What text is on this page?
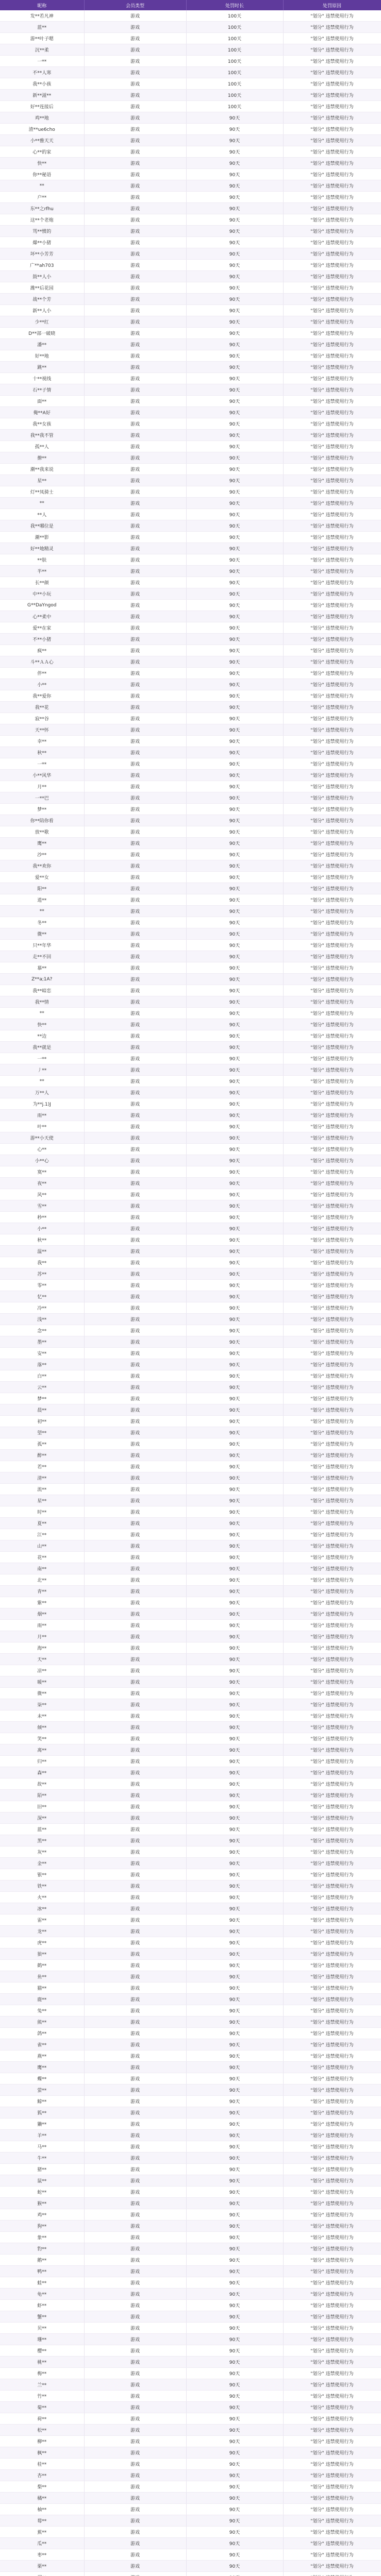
昵称	会员类型	处罚时长	处罚原因
发**若凡神	游戏	100天	"划分" 违禁使用行为
蓝**	游戏	100天	"划分" 违禁使用行为
游**叶子嗯	游戏	100天	"划分" 违禁使用行为
沉**柔	游戏	100天	"划分" 违禁使用行为
一**	游戏	100天	"划分" 违禁使用行为
不**人寒	游戏	100天	"划分" 违禁使用行为
我**小孩	游戏	100天	"划分" 违禁使用行为
新**滋**	游戏	100天	"划分" 违禁使用行为
好**连接后	游戏	100天	"划分" 违禁使用行为
鸡**地	游戏	90天	"划分" 违禁使用行为
渣**ue6cho	游戏	90天	"划分" 违禁使用行为
小**雅天天	游戏	90天	"划分" 违禁使用行为
心**的家	游戏	90天	"划分" 违禁使用行为
快**	游戏	90天	"划分" 违禁使用行为
你**秘语	游戏	90天	"划分" 违禁使用行为
**	游戏	90天	"划分" 违禁使用行为
户**	游戏	90天	"划分" 违禁使用行为
东**之rfhu	游戏	90天	"划分" 违禁使用行为
这**个老炮	游戏	90天	"划分" 违禁使用行为
骂**惯的	游戏	90天	"划分" 违禁使用行为
爆**小猪	游戏	90天	"划分" 违禁使用行为
坏**小芳芳	游戏	90天	"划分" 违禁使用行为
广**ah703	游戏	90天	"划分" 违禁使用行为
鼓**人小	游戏	90天	"划分" 违禁使用行为
潍**后花园	游戏	90天	"划分" 违禁使用行为
战**个芳	游戏	90天	"划分" 违禁使用行为
新**人小	游戏	90天	"划分" 违禁使用行为
少**红	游戏	90天	"划分" 违禁使用行为
D**部一破晓	游戏	90天	"划分" 违禁使用行为
潘**	游戏	90天	"划分" 违禁使用行为
好**地	游戏	90天	"划分" 违禁使用行为
跳**	游戏	90天	"划分" 违禁使用行为
十**视线	游戏	90天	"划分" 违禁使用行为
石**子情	游戏	90天	"划分" 违禁使用行为
面**	游戏	90天	"划分" 违禁使用行为
俺**A好	游戏	90天	"划分" 违禁使用行为
我**女孩	游戏	90天	"划分" 违禁使用行为
我**我不管	游戏	90天	"划分" 违禁使用行为
孤**人	游戏	90天	"划分" 违禁使用行为
撩**	游戏	90天	"划分" 违禁使用行为
潮**我来说	游戏	90天	"划分" 违禁使用行为
星**	游戏	90天	"划分" 违禁使用行为
灯**凤骑士	游戏	90天	"划分" 违禁使用行为
**	游戏	90天	"划分" 违禁使用行为
**人	游戏	90天	"划分" 违禁使用行为
我**哪位是	游戏	90天	"划分" 违禁使用行为
潮**影	游戏	90天	"划分" 违禁使用行为
好**地精灵	游戏	90天	"划分" 违禁使用行为
**肤	游戏	90天	"划分" 违禁使用行为
半**	游戏	90天	"划分" 违禁使用行为
长**颜	游戏	90天	"划分" 违禁使用行为
中**小玩	游戏	90天	"划分" 违禁使用行为
G**DaYngod	游戏	90天	"划分" 违禁使用行为
心**柔中	游戏	90天	"划分" 违禁使用行为
爱**在家	游戏	90天	"划分" 违禁使用行为
不**小猪	游戏	90天	"划分" 违禁使用行为
疯**	游戏	90天	"划分" 违禁使用行为
斗**ＡＡ心	游戏	90天	"划分" 违禁使用行为
伴**	游戏	90天	"划分" 违禁使用行为
小**	游戏	90天	"划分" 违禁使用行为
我**爱你	游戏	90天	"划分" 违禁使用行为
我**花	游戏	90天	"划分" 违禁使用行为
寂**谷	游戏	90天	"划分" 违禁使用行为
天**怀	游戏	90天	"划分" 违禁使用行为
幸**	游戏	90天	"划分" 违禁使用行为
秋**	游戏	90天	"划分" 违禁使用行为
一**	游戏	90天	"划分" 违禁使用行为
小**风华	游戏	90天	"划分" 违禁使用行为
月**	游戏	90天	"划分" 违禁使用行为
一**巴	游戏	90天	"划分" 违禁使用行为
梦**	游戏	90天	"划分" 违禁使用行为
你**陪你看	游戏	90天	"划分" 违禁使用行为
放**歌	游戏	90天	"划分" 违禁使用行为
鹰**	游戏	90天	"划分" 违禁使用行为
沙**	游戏	90天	"划分" 违禁使用行为
我**欢你	游戏	90天	"划分" 违禁使用行为
爱**女	游戏	90天	"划分" 违禁使用行为
阳**	游戏	90天	"划分" 违禁使用行为
逍**	游戏	90天	"划分" 违禁使用行为
**	游戏	90天	"划分" 违禁使用行为
冬**	游戏	90天	"划分" 违禁使用行为
微**	游戏	90天	"划分" 违禁使用行为
只**年华	游戏	90天	"划分" 违禁使用行为
走**不回	游戏	90天	"划分" 违禁使用行为
慕**	游戏	90天	"划分" 违禁使用行为
Z**a;1A?	游戏	90天	"划分" 违禁使用行为
我**暗恋	游戏	90天	"划分" 违禁使用行为
我**情	游戏	90天	"划分" 违禁使用行为
**	游戏	90天	"划分" 违禁使用行为
快**	游戏	90天	"划分" 违禁使用行为
**边	游戏	90天	"划分" 违禁使用行为
我**就是	游戏	90天	"划分" 违禁使用行为
一**	游戏	90天	"划分" 违禁使用行为
丿**	游戏	90天	"划分" 违禁使用行为
**	游戏	90天	"划分" 违禁使用行为
万**人	游戏	90天	"划分" 违禁使用行为
为**j.1)J	游戏	90天	"划分" 违禁使用行为
雨**	游戏	90天	"划分" 违禁使用行为
叶**	游戏	90天	"划分" 违禁使用行为
游**小天使	游戏	90天	"划分" 违禁使用行为
心**	游戏	90天	"划分" 违禁使用行为
小**心	游戏	90天	"划分" 违禁使用行为
寞**	游戏	90天	"划分" 违禁使用行为
夜**	游戏	90天	"划分" 违禁使用行为
风**	游戏	90天	"划分" 违禁使用行为
雪**	游戏	90天	"划分" 违禁使用行为
秒**	游戏	90天	"划分" 违禁使用行为
小**	游戏	90天	"划分" 违禁使用行为
秋**	游戏	90天	"划分" 违禁使用行为
温**	游戏	90天	"划分" 违禁使用行为
我**	游戏	90天	"划分" 违禁使用行为
苏**	游戏	90天	"划分" 违禁使用行为
零**	游戏	90天	"划分" 违禁使用行为
忆**	游戏	90天	"划分" 违禁使用行为
冷**	游戏	90天	"划分" 违禁使用行为
浅**	游戏	90天	"划分" 违禁使用行为
念**	游戏	90天	"划分" 违禁使用行为
墨**	游戏	90天	"划分" 违禁使用行为
安**	游戏	90天	"划分" 违禁使用行为
落**	游戏	90天	"划分" 违禁使用行为
白**	游戏	90天	"划分" 违禁使用行为
云**	游戏	90天	"划分" 违禁使用行为
梦**	游戏	90天	"划分" 违禁使用行为
晨**	游戏	90天	"划分" 违禁使用行为
初**	游戏	90天	"划分" 违禁使用行为
望**	游戏	90天	"划分" 违禁使用行为
孤**	游戏	90天	"划分" 违禁使用行为
醉**	游戏	90天	"划分" 违禁使用行为
若**	游戏	90天	"划分" 违禁使用行为
清**	游戏	90天	"划分" 违禁使用行为
流**	游戏	90天	"划分" 违禁使用行为
星**	游戏	90天	"划分" 违禁使用行为
时**	游戏	90天	"划分" 违禁使用行为
夏**	游戏	90天	"划分" 违禁使用行为
江**	游戏	90天	"划分" 违禁使用行为
山**	游戏	90天	"划分" 违禁使用行为
花**	游戏	90天	"划分" 违禁使用行为
南**	游戏	90天	"划分" 违禁使用行为
北**	游戏	90天	"划分" 违禁使用行为
青**	游戏	90天	"划分" 违禁使用行为
紫**	游戏	90天	"划分" 违禁使用行为
烟**	游戏	90天	"划分" 违禁使用行为
雨**	游戏	90天	"划分" 违禁使用行为
月**	游戏	90天	"划分" 违禁使用行为
海**	游戏	90天	"划分" 违禁使用行为
天**	游戏	90天	"划分" 违禁使用行为
凉**	游戏	90天	"划分" 违禁使用行为
暖**	游戏	90天	"划分" 违禁使用行为
微**	游戏	90天	"划分" 违禁使用行为
柒**	游戏	90天	"划分" 违禁使用行为
未**	游戏	90天	"划分" 违禁使用行为
倾**	游戏	90天	"划分" 违禁使用行为
笑**	游戏	90天	"划分" 违禁使用行为
离**	游戏	90天	"划分" 违禁使用行为
归**	游戏	90天	"划分" 违禁使用行为
森**	游戏	90天	"划分" 违禁使用行为
故**	游戏	90天	"划分" 违禁使用行为
陌**	游戏	90天	"划分" 违禁使用行为
旧**	游戏	90天	"划分" 违禁使用行为
深**	游戏	90天	"划分" 违禁使用行为
蓝**	游戏	90天	"划分" 违禁使用行为
黑**	游戏	90天	"划分" 违禁使用行为
灰**	游戏	90天	"划分" 违禁使用行为
金**	游戏	90天	"划分" 违禁使用行为
银**	游戏	90天	"划分" 违禁使用行为
铁**	游戏	90天	"划分" 违禁使用行为
火**	游戏	90天	"划分" 违禁使用行为
冰**	游戏	90天	"划分" 违禁使用行为
雷**	游戏	90天	"划分" 违禁使用行为
龙**	游戏	90天	"划分" 违禁使用行为
虎**	游戏	90天	"划分" 违禁使用行为
狼**	游戏	90天	"划分" 违禁使用行为
鹤**	游戏	90天	"划分" 违禁使用行为
鱼**	游戏	90天	"划分" 违禁使用行为
猫**	游戏	90天	"划分" 违禁使用行为
鹿**	游戏	90天	"划分" 违禁使用行为
兔**	游戏	90天	"划分" 违禁使用行为
熊**	游戏	90天	"划分" 违禁使用行为
鸽**	游戏	90天	"划分" 违禁使用行为
雀**	游戏	90天	"划分" 违禁使用行为
燕**	游戏	90天	"划分" 违禁使用行为
鹰**	游戏	90天	"划分" 违禁使用行为
蝶**	游戏	90天	"划分" 违禁使用行为
萤**	游戏	90天	"划分" 违禁使用行为
鲸**	游戏	90天	"划分" 违禁使用行为
狐**	游戏	90天	"划分" 违禁使用行为
獭**	游戏	90天	"划分" 违禁使用行为
羊**	游戏	90天	"划分" 违禁使用行为
马**	游戏	90天	"划分" 违禁使用行为
牛**	游戏	90天	"划分" 违禁使用行为
猪**	游戏	90天	"划分" 违禁使用行为
鼠**	游戏	90天	"划分" 违禁使用行为
蛇**	游戏	90天	"划分" 违禁使用行为
猴**	游戏	90天	"划分" 违禁使用行为
鸡**	游戏	90天	"划分" 违禁使用行为
狗**	游戏	90天	"划分" 违禁使用行为
象**	游戏	90天	"划分" 违禁使用行为
豹**	游戏	90天	"划分" 违禁使用行为
鹅**	游戏	90天	"划分" 违禁使用行为
鸭**	游戏	90天	"划分" 违禁使用行为
蛙**	游戏	90天	"划分" 违禁使用行为
龟**	游戏	90天	"划分" 违禁使用行为
虾**	游戏	90天	"划分" 违禁使用行为
蟹**	游戏	90天	"划分" 违禁使用行为
贝**	游戏	90天	"划分" 违禁使用行为
珊**	游戏	90天	"划分" 违禁使用行为
樱**	游戏	90天	"划分" 违禁使用行为
桃**	游戏	90天	"划分" 违禁使用行为
梅**	游戏	90天	"划分" 违禁使用行为
兰**	游戏	90天	"划分" 违禁使用行为
竹**	游戏	90天	"划分" 违禁使用行为
菊**	游戏	90天	"划分" 违禁使用行为
荷**	游戏	90天	"划分" 违禁使用行为
松**	游戏	90天	"划分" 违禁使用行为
柳**	游戏	90天	"划分" 违禁使用行为
枫**	游戏	90天	"划分" 违禁使用行为
桂**	游戏	90天	"划分" 违禁使用行为
杏**	游戏	90天	"划分" 违禁使用行为
梨**	游戏	90天	"划分" 违禁使用行为
橘**	游戏	90天	"划分" 违禁使用行为
柚**	游戏	90天	"划分" 违禁使用行为
莓**	游戏	90天	"划分" 违禁使用行为
蕉**	游戏	90天	"划分" 违禁使用行为
瓜**	游戏	90天	"划分" 违禁使用行为
枣**	游戏	90天	"划分" 违禁使用行为
栗**	游戏	90天	"划分" 违禁使用行为
